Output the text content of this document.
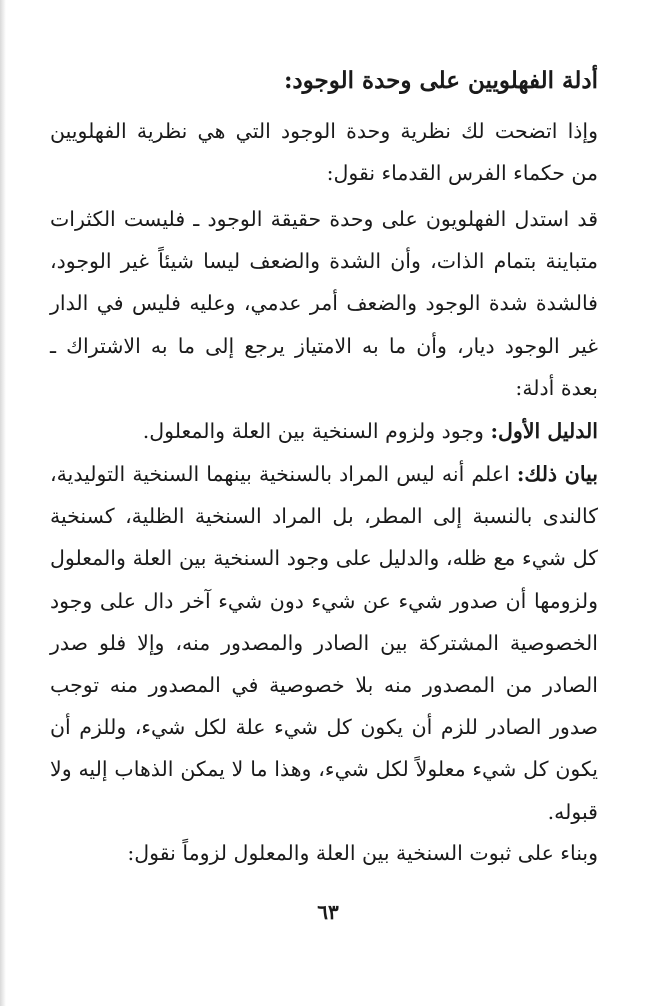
أدلة الفهلويين على وحدة الوجود:
وإذا اتضحت لك نظرية وحدة الوجود التي هي نظرية الفهلويين من حكماء الفرس القدماء نقول:
قد استدل الفهلويون على وحدة حقيقة الوجود ـ فليست الكثرات متباينة بتمام الذات، وأن الشدة والضعف ليسا شيئاً غير الوجود، فالشدة شدة الوجود والضعف أمر عدمي، وعليه فليس في الدار غير الوجود ديار، وأن ما به الامتياز يرجع إلى ما به الاشتراك ـ بعدة أدلة:
الدليل الأول: وجود ولزوم السنخية بين العلة والمعلول.
بيان ذلك: اعلم أنه ليس المراد بالسنخية بينهما السنخية التوليدية، كالندى بالنسبة إلى المطر، بل المراد السنخية الظلية، كسنخية كل شيء مع ظله، والدليل على وجود السنخية بين العلة والمعلول ولزومها أن صدور شيء عن شيء دون شيء آخر دال على وجود الخصوصية المشتركة بين الصادر والمصدور منه، وإلا فلو صدر الصادر من المصدور منه بلا خصوصية في المصدور منه توجب صدور الصادر للزم أن يكون كل شيء علة لكل شيء، وللزم أن يكون كل شيء معلولاً لكل شيء، وهذا ما لا يمكن الذهاب إليه ولا قبوله.
وبناء على ثبوت السنخية بين العلة والمعلول لزوماً نقول:
٦٣
